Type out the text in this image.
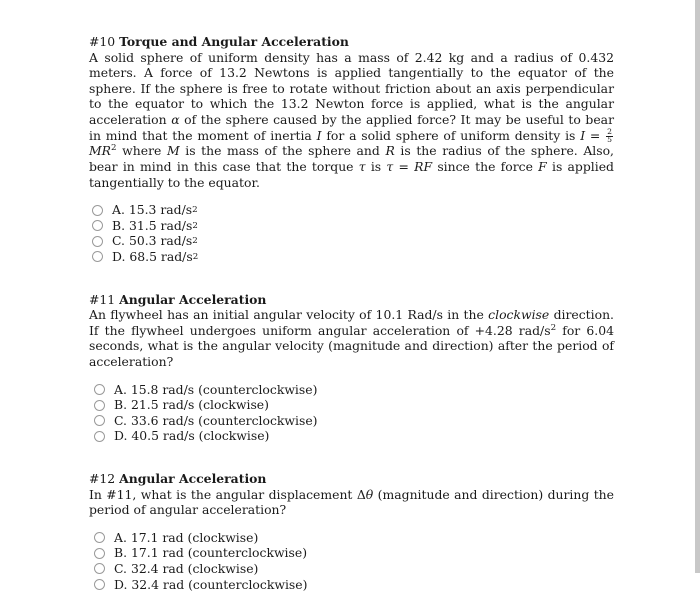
#10 Torque and Angular Acceleration

A solid sphere of uniform density has a mass of 2.42 kg and a radius of 0.432 meters. A force of 13.2 Newtons is applied tangentially to the equator of the sphere. If the sphere is free to rotate without friction about an axis perpendicular to the equator to which the 13.2 Newton force is applied, what is the angular acceleration α of the sphere caused by the applied force? It may be useful to bear in mind that the moment of inertia I for a solid sphere of uniform density is $I = \frac{2}{5}$
$MR^2$ where M is the mass of the sphere and R is the radius of the sphere. Also, bear in mind in this case that the torque τ is τ = RF since the force F is applied tangentially to the equator.

A.
15.3 rad/s 2
B.
31.5 rad/s 2
C.
50.3 rad/s 2
D.
68.5 rad/s 2

#11 Angular Acceleration

An flywheel has an initial angular velocity of 10.1 Rad/s in the clockwise direction. If the flywheel undergoes uniform angular acceleration of +4.28 rad/$s^2$ for 6.04 seconds, what is the angular velocity (magnitude and direction) after the period of acceleration?

A.
15.8 rad/s (counterclockwise)
B.
21.5 rad/s (clockwise)
C.
33.6 rad/s (counterclockwise)
D.
40.5 rad/s (clockwise)

#12 Angular Acceleration

In #11, what is the angular displacement Δθ (magnitude and direction) during the period of angular acceleration?

A.
17.1 rad (clockwise)
B.
17.1 rad (counterclockwise)
C.
32.4 rad (clockwise)
D.
32.4 rad (counterclockwise)
